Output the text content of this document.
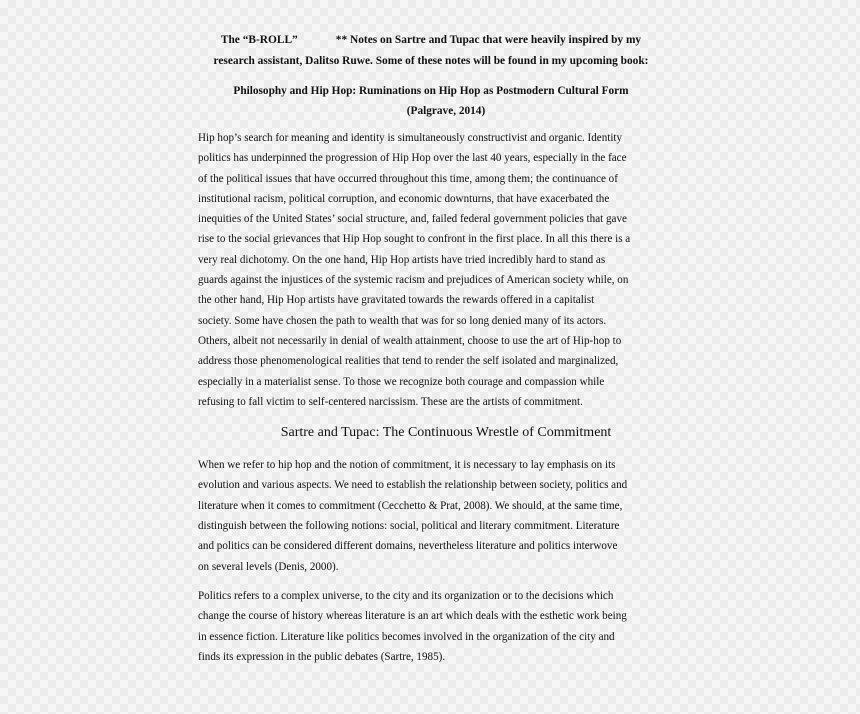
The “B-ROLL”	** Notes on Sartre and Tupac that were heavily inspired by my
research assistant, Dalitso Ruwe. Some of these notes will be found in my upcoming book:
Philosophy and Hip Hop: Ruminations on Hip Hop as Postmodern Cultural Form
(Palgrave, 2014)
Hip hop’s search for meaning and identity is simultaneously constructivist and organic. Identity
politics has underpinned the progression of Hip Hop over the last 40 years, especially in the face
of the political issues that have occurred throughout this time, among them; the continuance of
institutional racism, political corruption, and economic downturns, that have exacerbated the
inequities of the United States’ social structure, and, failed federal government policies that gave
rise to the social grievances that Hip Hop sought to confront in the first place. In all this there is a
very real dichotomy. On the one hand, Hip Hop artists have tried incredibly hard to stand as
guards against the injustices of the systemic racism and prejudices of American society while, on
the other hand, Hip Hop artists have gravitated towards the rewards offered in a capitalist
society. Some have chosen the path to wealth that was for so long denied many of its actors.
Others, albeit not necessarily in denial of wealth attainment, choose to use the art of Hip-hop to
address those phenomenological realities that tend to render the self isolated and marginalized,
especially in a materialist sense. To those we recognize both courage and compassion while
refusing to fall victim to self-centered narcissism. These are the artists of commitment.
Sartre and Tupac: The Continuous Wrestle of Commitment
When we refer to hip hop and the notion of commitment, it is necessary to lay emphasis on its
evolution and various aspects. We need to establish the relationship between society, politics and
literature when it comes to commitment (Cecchetto & Prat, 2008). We should, at the same time,
distinguish between the following notions: social, political and literary commitment. Literature
and politics can be considered different domains, nevertheless literature and politics interwove
on several levels (Denis, 2000).
Politics refers to a complex universe, to the city and its organization or to the decisions which
change the course of history whereas literature is an art which deals with the esthetic work being
in essence fiction. Literature like politics becomes involved in the organization of the city and
finds its expression in the public debates (Sartre, 1985).
